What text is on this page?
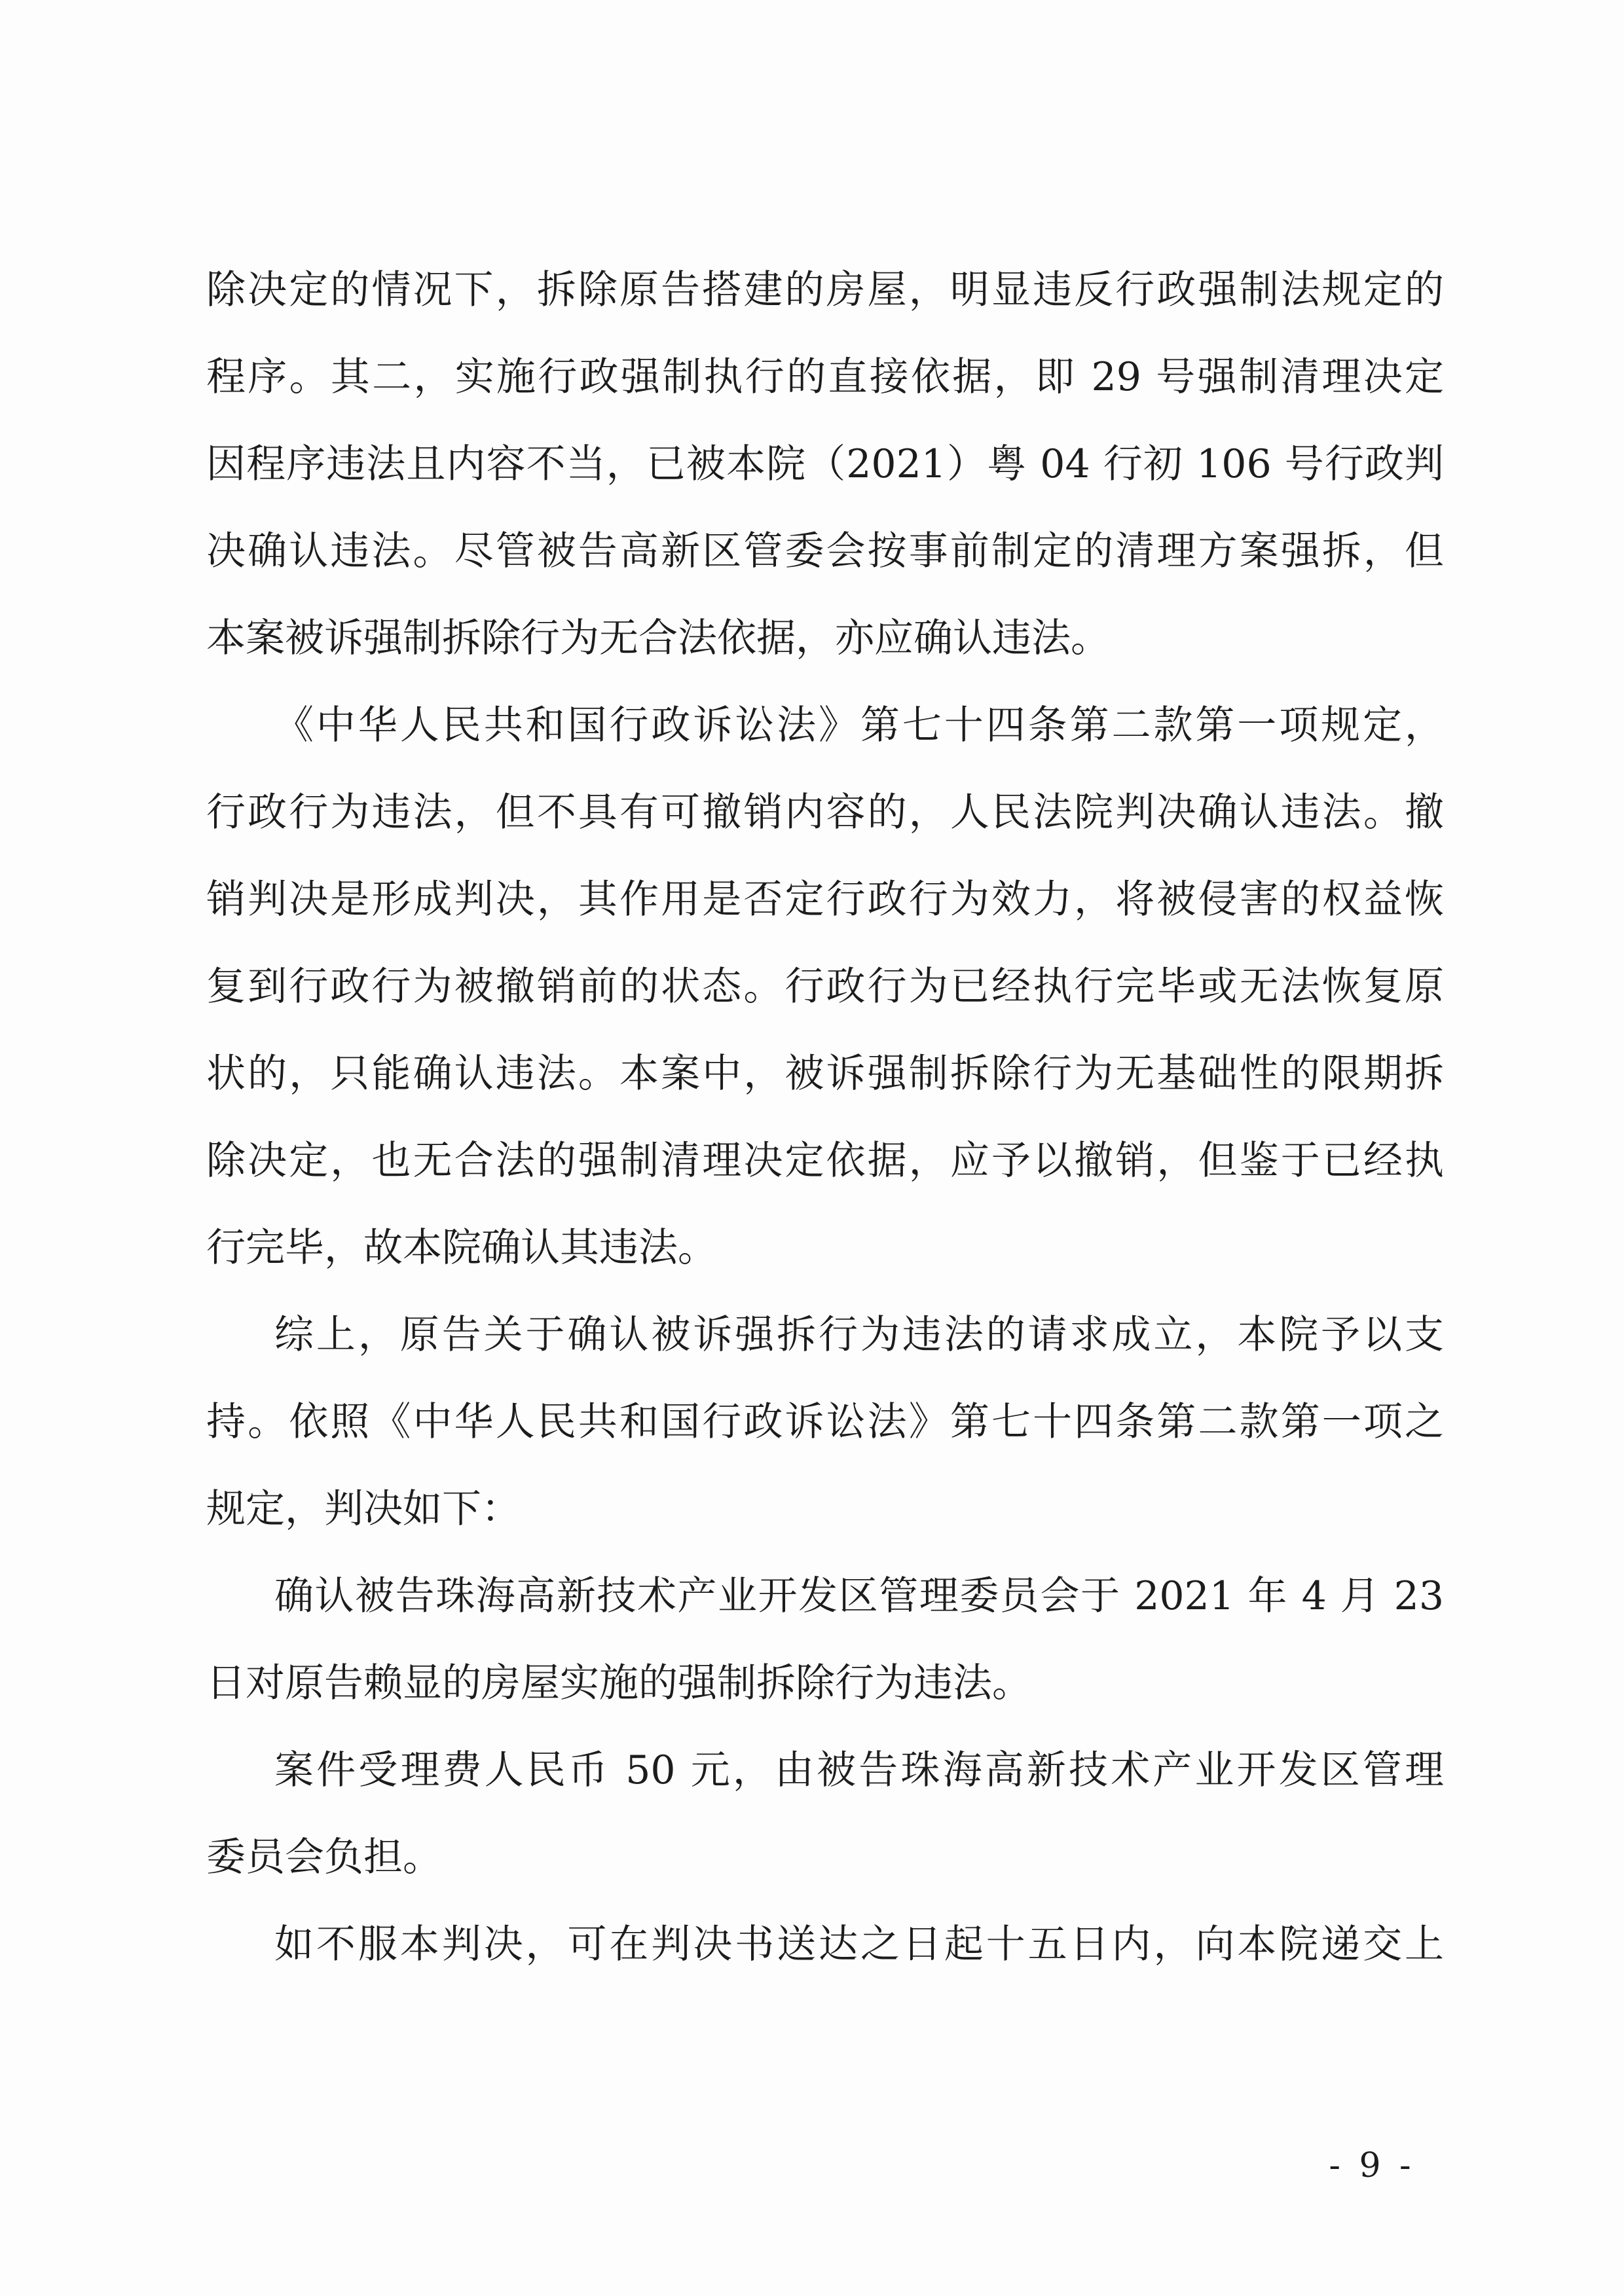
除决定的情况下，拆除原告搭建的房屋，明显违反行政强制法规定的
程序。其二，实施行政强制执行的直接依据，即 29 号强制清理决定
因程序违法且内容不当，已被本院（2021）粤 04 行初 106 号行政判
决确认违法。尽管被告高新区管委会按事前制定的清理方案强拆，但
本案被诉强制拆除行为无合法依据，亦应确认违法。
《中华人民共和国行政诉讼法》第七十四条第二款第一项规定，
行政行为违法，但不具有可撤销内容的，人民法院判决确认违法。撤
销判决是形成判决，其作用是否定行政行为效力，将被侵害的权益恢
复到行政行为被撤销前的状态。行政行为已经执行完毕或无法恢复原
状的，只能确认违法。本案中，被诉强制拆除行为无基础性的限期拆
除决定，也无合法的强制清理决定依据，应予以撤销，但鉴于已经执
行完毕，故本院确认其违法。
综上，原告关于确认被诉强拆行为违法的请求成立，本院予以支
持。依照《中华人民共和国行政诉讼法》第七十四条第二款第一项之
规定，判决如下：
确认被告珠海高新技术产业开发区管理委员会于 2021 年 4 月 23
日对原告赖显的房屋实施的强制拆除行为违法。
案件受理费人民币 50 元，由被告珠海高新技术产业开发区管理
委员会负担。
如不服本判决，可在判决书送达之日起十五日内，向本院递交上
- 9 -
